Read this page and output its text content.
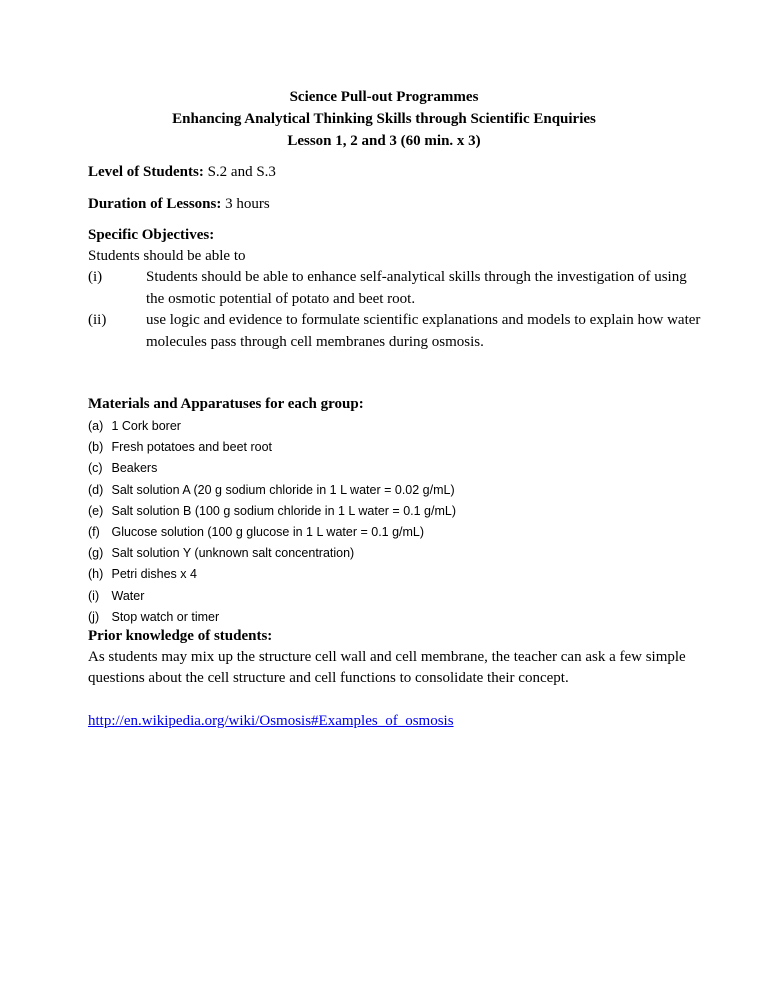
Science Pull-out Programmes
Enhancing Analytical Thinking Skills through Scientific Enquiries
Lesson 1, 2 and 3 (60 min. x 3)
Level of Students: S.2 and S.3
Duration of Lessons: 3 hours
Specific Objectives:
Students should be able to
(i)	Students should be able to enhance self-analytical skills through the investigation of using the osmotic potential of potato and beet root.
(ii)	use logic and evidence to formulate scientific explanations and models to explain how water molecules pass through cell membranes during osmosis.
Materials and Apparatuses for each group:
(a) 1 Cork borer
(b) Fresh potatoes and beet root
(c) Beakers
(d) Salt solution A (20 g sodium chloride in 1 L water = 0.02 g/mL)
(e) Salt solution B (100 g sodium chloride in 1 L water = 0.1 g/mL)
(f) Glucose solution (100 g glucose in 1 L water = 0.1 g/mL)
(g) Salt solution Y (unknown salt concentration)
(h) Petri dishes x 4
(i) Water
(j) Stop watch or timer
Prior knowledge of students:
As students may mix up the structure cell wall and cell membrane, the teacher can ask a few simple questions about the cell structure and cell functions to consolidate their concept.
http://en.wikipedia.org/wiki/Osmosis#Examples_of_osmosis
